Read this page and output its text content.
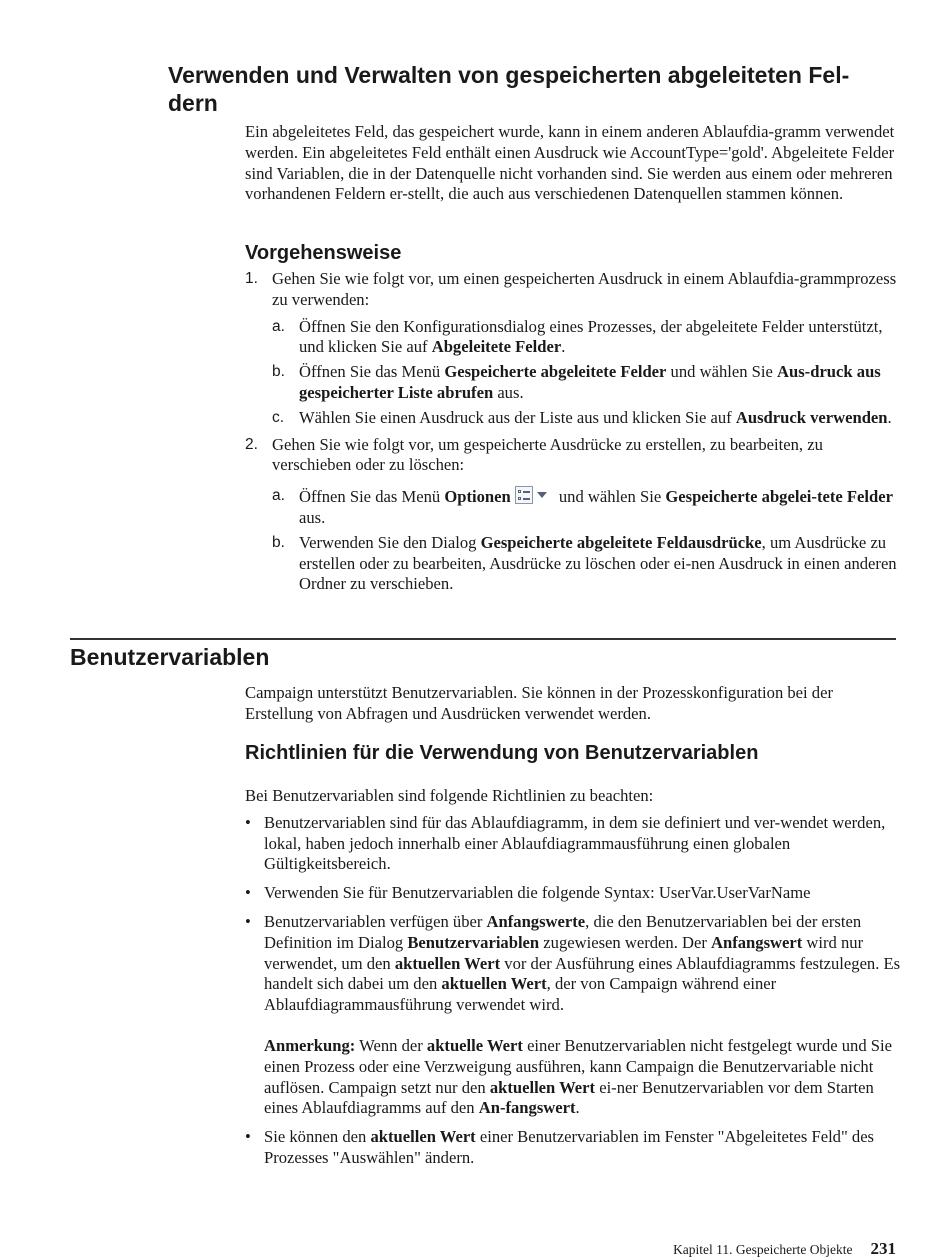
Verwenden und Verwalten von gespeicherten abgeleiteten Fel-
dern
Ein abgeleitetes Feld, das gespeichert wurde, kann in einem anderen Ablaufdia-gramm verwendet werden. Ein abgeleitetes Feld enthält einen Ausdruck wie AccountType='gold'. Abgeleitete Felder sind Variablen, die in der Datenquelle nicht vorhanden sind. Sie werden aus einem oder mehreren vorhandenen Feldern er-stellt, die auch aus verschiedenen Datenquellen stammen können.
Vorgehensweise
1. Gehen Sie wie folgt vor, um einen gespeicherten Ausdruck in einem Ablaufdia-grammprozess zu verwenden:
a. Öffnen Sie den Konfigurationsdialog eines Prozesses, der abgeleitete Felder unterstützt, und klicken Sie auf Abgeleitete Felder.
b. Öffnen Sie das Menü Gespeicherte abgeleitete Felder und wählen Sie Aus-druck aus gespeicherter Liste abrufen aus.
c. Wählen Sie einen Ausdruck aus der Liste aus und klicken Sie auf Ausdruck verwenden.
2. Gehen Sie wie folgt vor, um gespeicherte Ausdrücke zu erstellen, zu bearbeiten, zu verschieben oder zu löschen:
a. Öffnen Sie das Menü Optionen	und wählen Sie Gespeicherte abgelei-tete Felder aus.
b. Verwenden Sie den Dialog Gespeicherte abgeleitete Feldausdrücke, um Ausdrücke zu erstellen oder zu bearbeiten, Ausdrücke zu löschen oder ei-nen Ausdruck in einen anderen Ordner zu verschieben.
Benutzervariablen
Campaign unterstützt Benutzervariablen. Sie können in der Prozesskonfiguration bei der Erstellung von Abfragen und Ausdrücken verwendet werden.
Richtlinien für die Verwendung von Benutzervariablen
Bei Benutzervariablen sind folgende Richtlinien zu beachten:
• Benutzervariablen sind für das Ablaufdiagramm, in dem sie definiert und ver-wendet werden, lokal, haben jedoch innerhalb einer Ablaufdiagrammausführung einen globalen Gültigkeitsbereich.
• Verwenden Sie für Benutzervariablen die folgende Syntax: UserVar.UserVarName
• Benutzervariablen verfügen über Anfangswerte, die den Benutzervariablen bei der ersten Definition im Dialog Benutzervariablen zugewiesen werden. Der Anfangswert wird nur verwendet, um den aktuellen Wert vor der Ausführung eines Ablaufdiagramms festzulegen. Es handelt sich dabei um den aktuellen Wert, der von Campaign während einer Ablaufdiagrammausführung verwendet wird.
Anmerkung: Wenn der aktuelle Wert einer Benutzervariablen nicht festgelegt wurde und Sie einen Prozess oder eine Verzweigung ausführen, kann Campaign die Benutzervariable nicht auflösen. Campaign setzt nur den aktuellen Wert ei-ner Benutzervariablen vor dem Starten eines Ablaufdiagramms auf den An-fangswert.
• Sie können den aktuellen Wert einer Benutzervariablen im Fenster "Abgeleitetes Feld" des Prozesses "Auswählen" ändern.
Kapitel 11. Gespeicherte Objekte 231
